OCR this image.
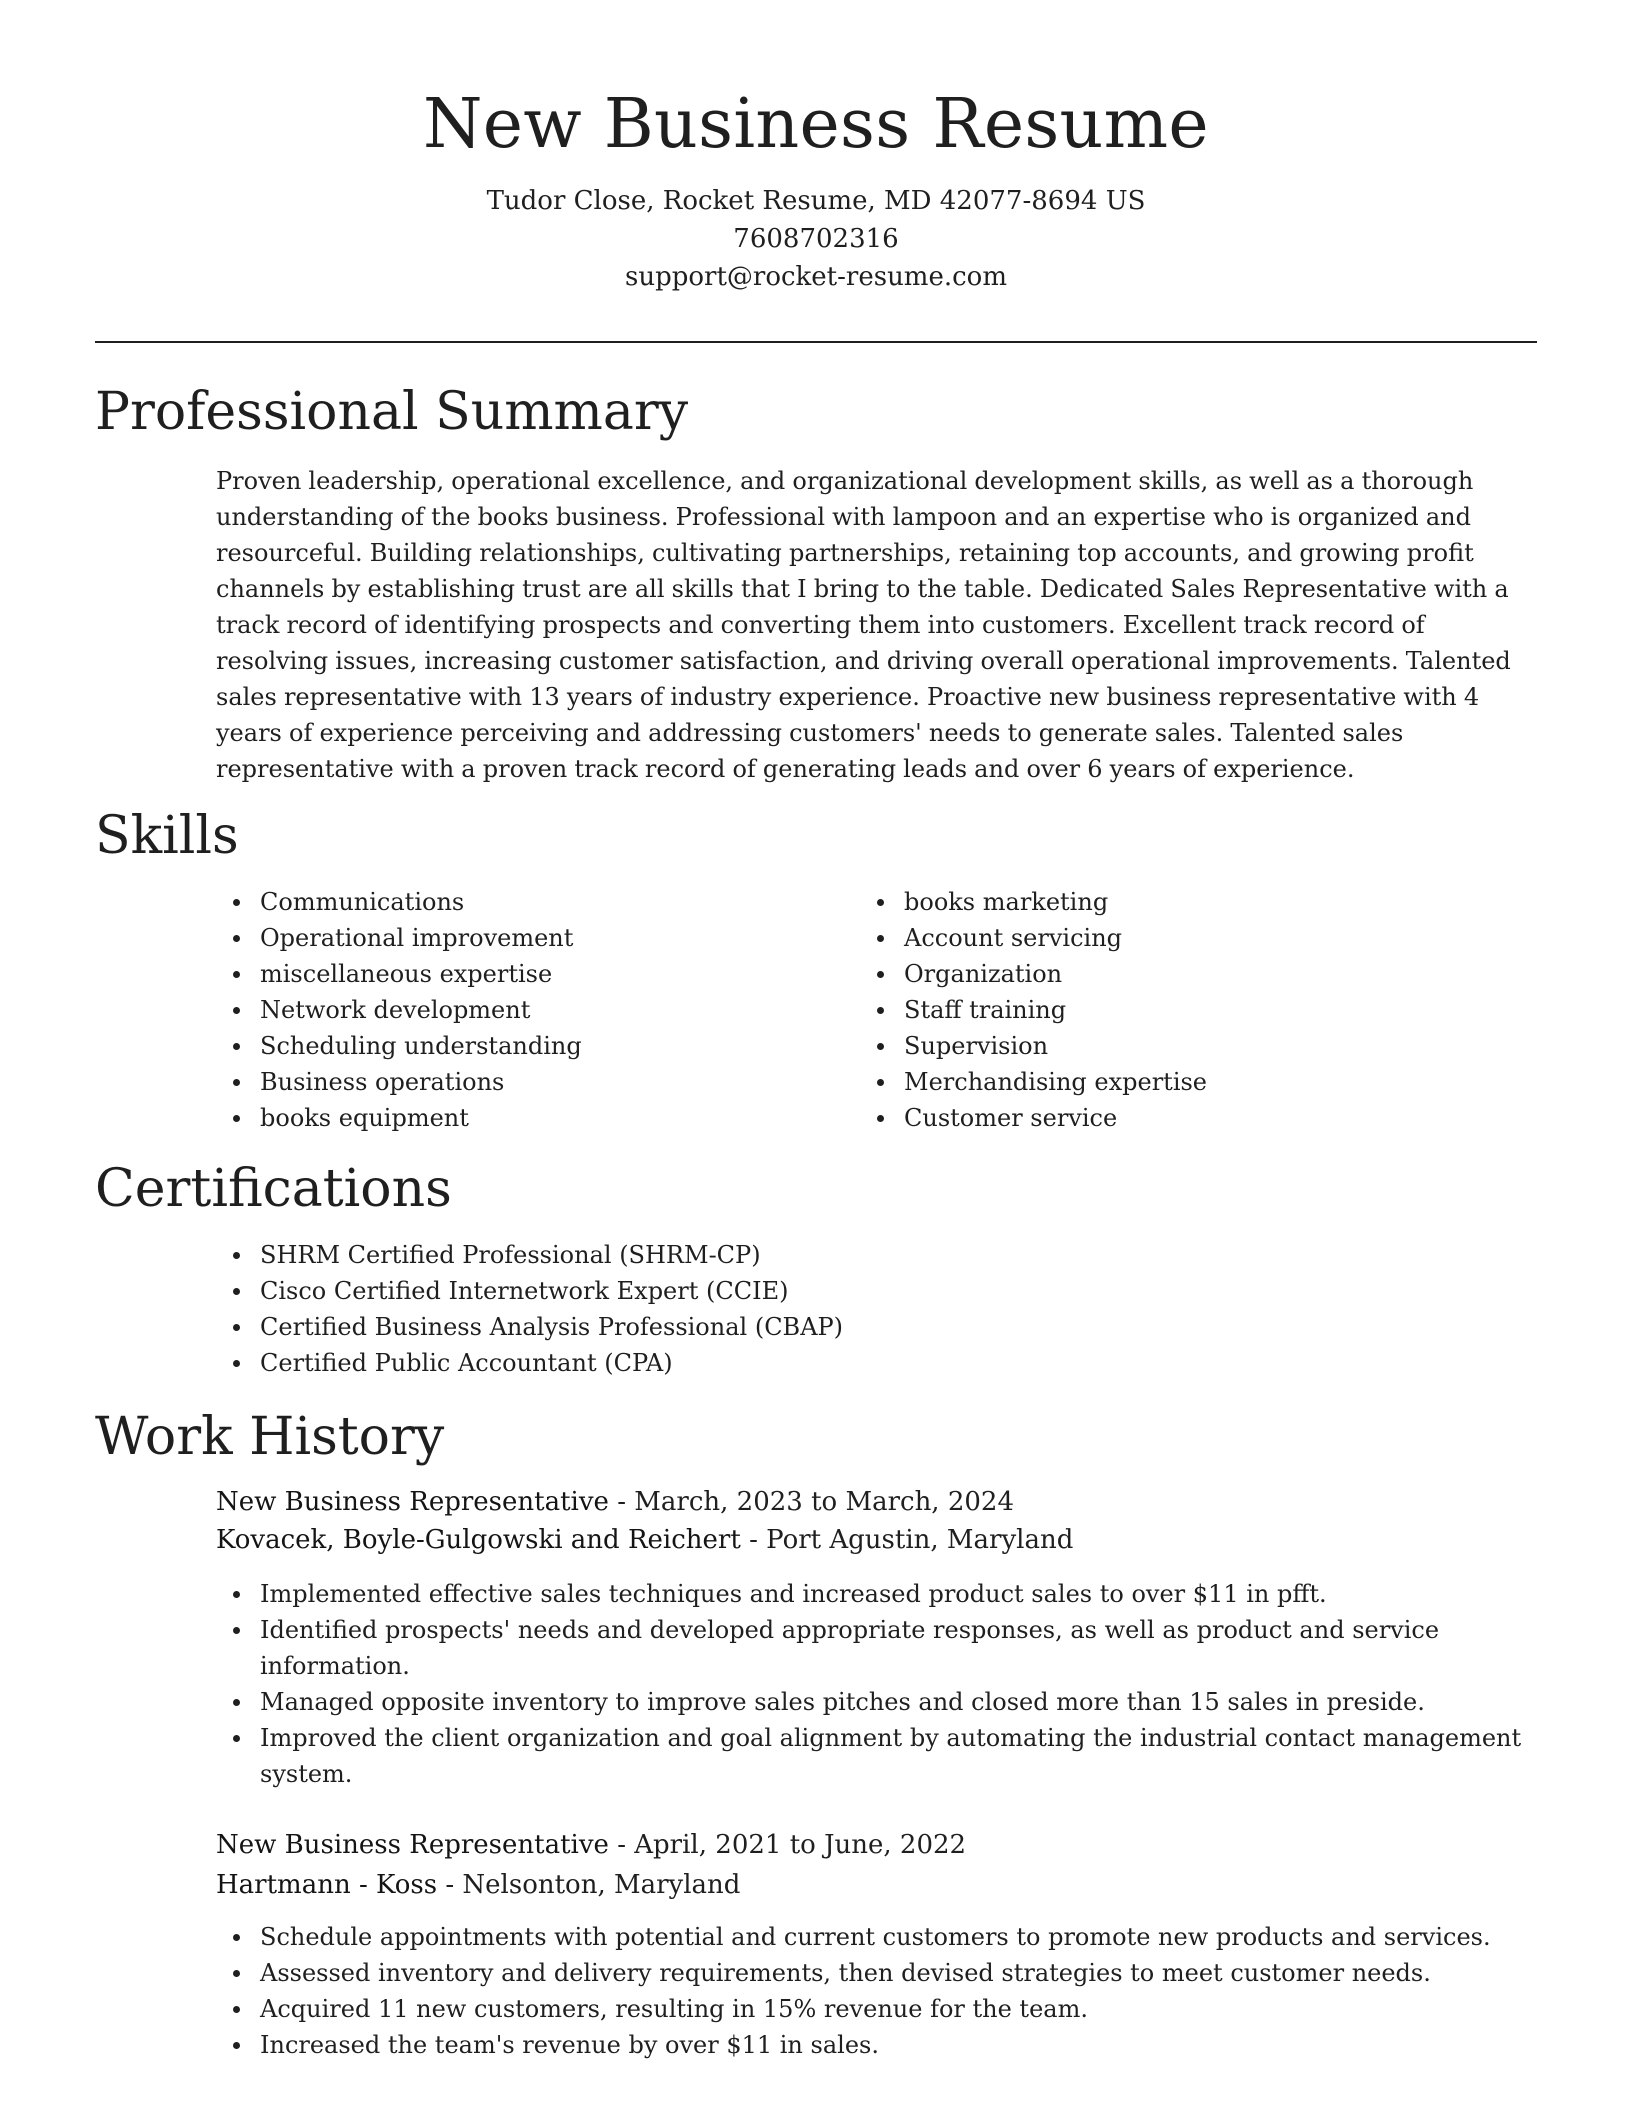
New Business Resume

Tudor Close, Rocket Resume, MD 42077-8694 US

7608702316

support@rocket-resume.com

Professional Summary

Proven leadership, operational excellence, and organizational development skills, as well as a thorough understanding of the books business. Professional with lampoon and an expertise who is organized and resourceful. Building relationships, cultivating partnerships, retaining top accounts, and growing profit channels by establishing trust are all skills that I bring to the table. Dedicated Sales Representative with a track record of identifying prospects and converting them into customers. Excellent track record of resolving issues, increasing customer satisfaction, and driving overall operational improvements. Talented sales representative with 13 years of industry experience. Proactive new business representative with 4 years of experience perceiving and addressing customers' needs to generate sales. Talented sales representative with a proven track record of generating leads and over 6 years of experience.

Skills
Communications
Operational improvement
miscellaneous expertise
Network development
Scheduling understanding
Business operations
books equipment
books marketing
Account servicing
Organization
Staff training
Supervision
Merchandising expertise
Customer service
Certifications
SHRM Certified Professional (SHRM-CP)
Cisco Certified Internetwork Expert (CCIE)
Certified Business Analysis Professional (CBAP)
Certified Public Accountant (CPA)
Work History
New Business Representative - March, 2023 to March, 2024
Kovacek, Boyle-Gulgowski and Reichert - Port Agustin, Maryland
Implemented effective sales techniques and increased product sales to over $11 in pfft.
Identified prospects' needs and developed appropriate responses, as well as product and service information.
Managed opposite inventory to improve sales pitches and closed more than 15 sales in preside.
Improved the client organization and goal alignment by automating the industrial contact management system.
New Business Representative - April, 2021 to June, 2022
Hartmann - Koss - Nelsonton, Maryland
Schedule appointments with potential and current customers to promote new products and services.
Assessed inventory and delivery requirements, then devised strategies to meet customer needs.
Acquired 11 new customers, resulting in 15% revenue for the team.
Increased the team's revenue by over $11 in sales.
